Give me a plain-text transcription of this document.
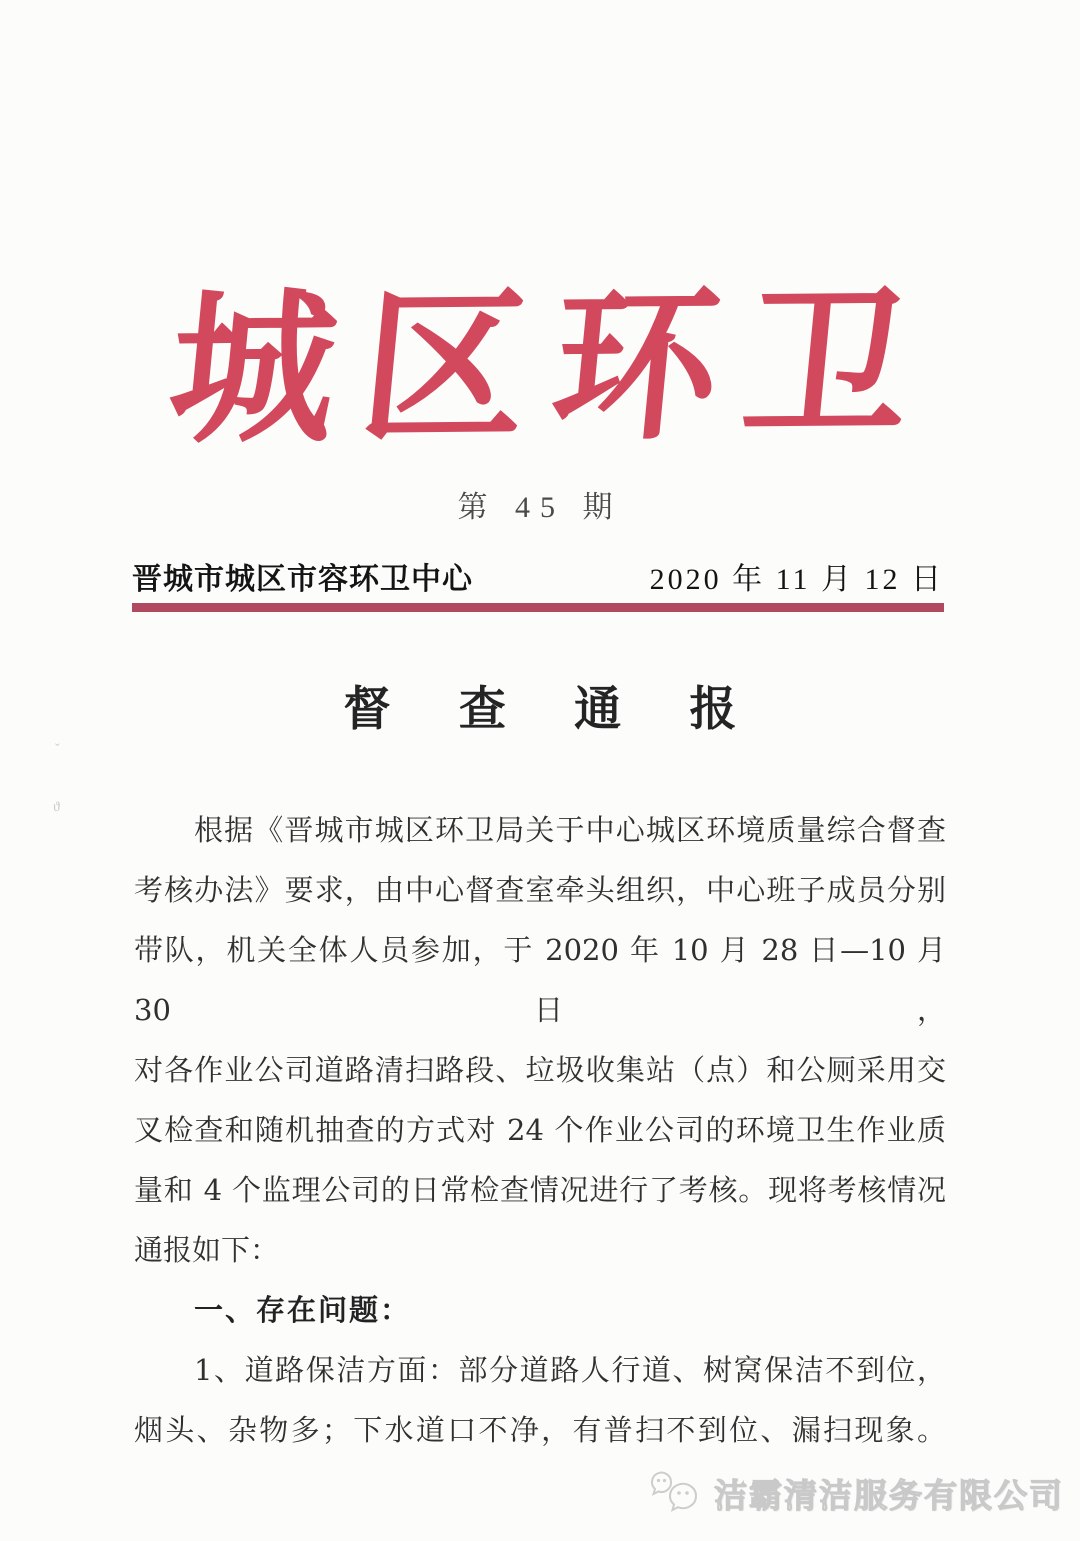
城区环卫
第 45 期
晋城市城区市容环卫中心	2020 年 11 月 12 日
督 查 通 报

根据《晋城市城区环卫局关于中心城区环境质量综合督查

考核办法》要求，由中心督查室牵头组织，中心班子成员分别

带队，机关全体人员参加，于 2020 年 10 月 28 日—10 月 30 日，

对各作业公司道路清扫路段、垃圾收集站（点）和公厕采用交

叉检查和随机抽查的方式对 24 个作业公司的环境卫生作业质

量和 4 个监理公司的日常检查情况进行了考核。现将考核情况

通报如下：

一、存在问题：

1、道路保洁方面：部分道路人行道、树窝保洁不到位，

烟头、杂物多；下水道口不净，有普扫不到位、漏扫现象。

洁霸清洁服务有限公司
ˇ
ϑ
